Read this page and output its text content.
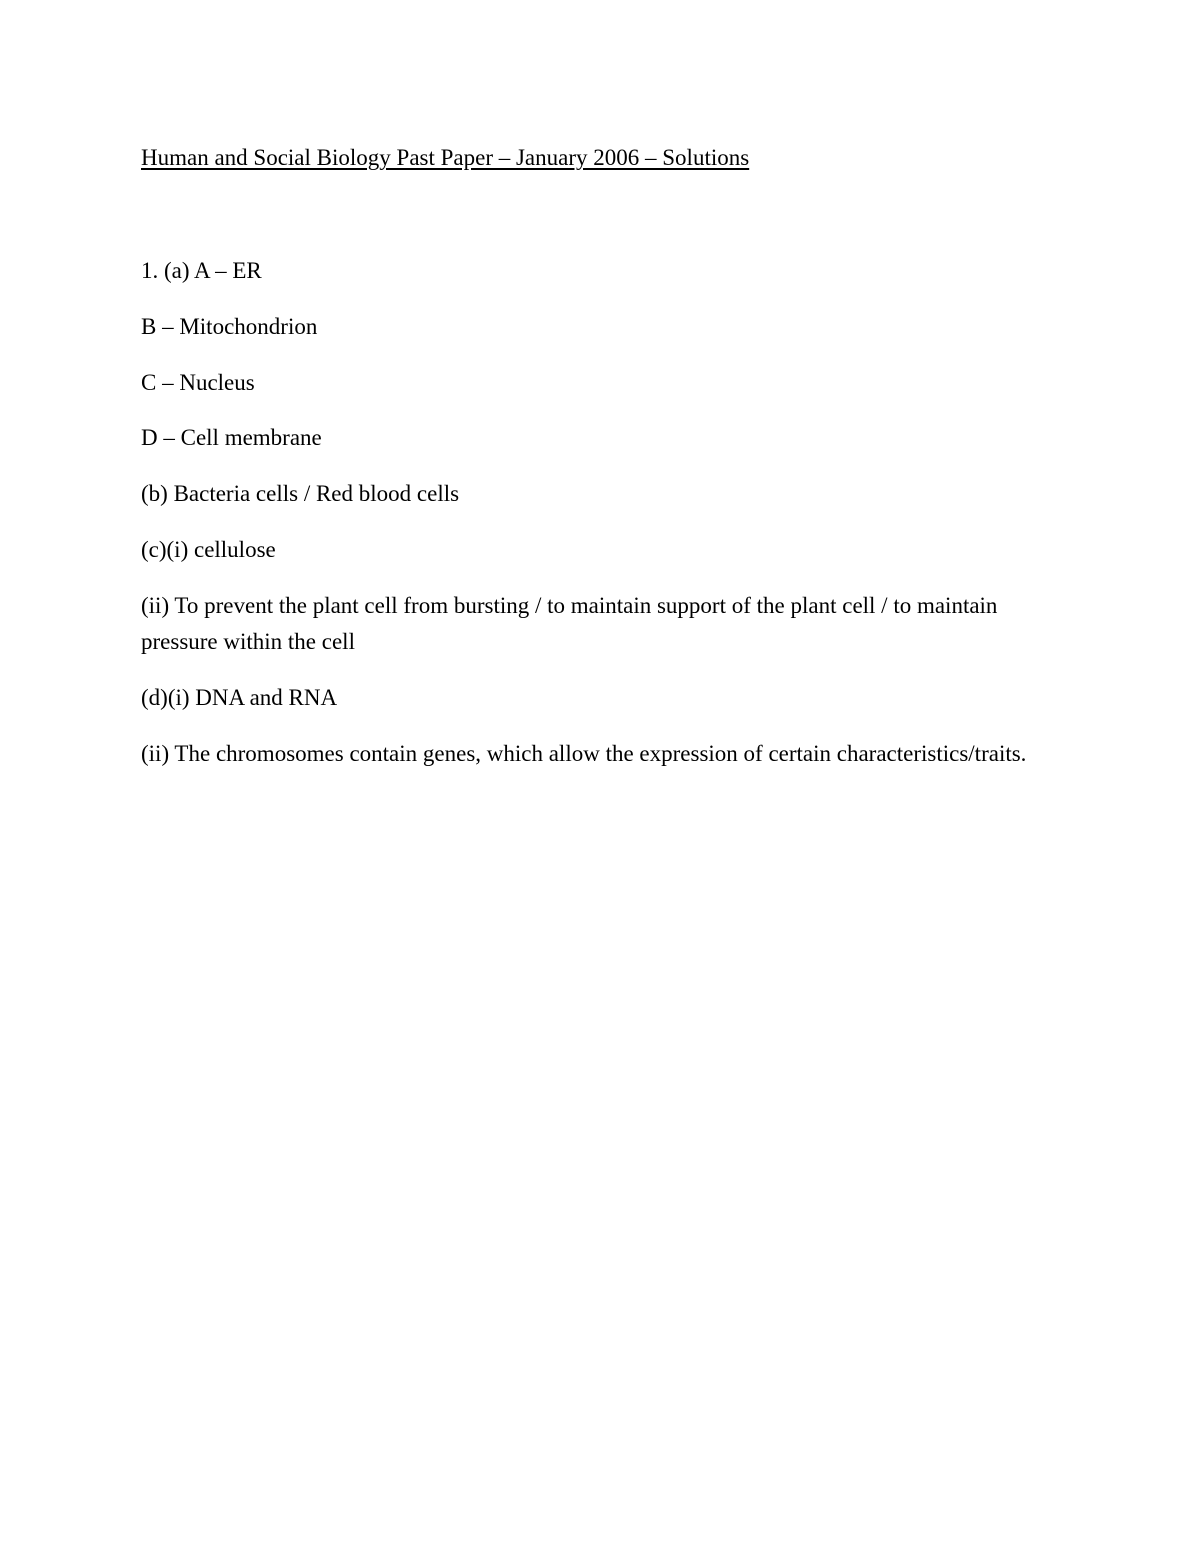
Human and Social Biology Past Paper – January 2006 – Solutions

1. (a) A – ER

B – Mitochondrion

C – Nucleus

D – Cell membrane

(b) Bacteria cells / Red blood cells

(c)(i) cellulose

(ii) To prevent the plant cell from bursting / to maintain support of the plant cell / to maintain pressure within the cell

(d)(i) DNA and RNA

(ii) The chromosomes contain genes, which allow the expression of certain characteristics/traits.
